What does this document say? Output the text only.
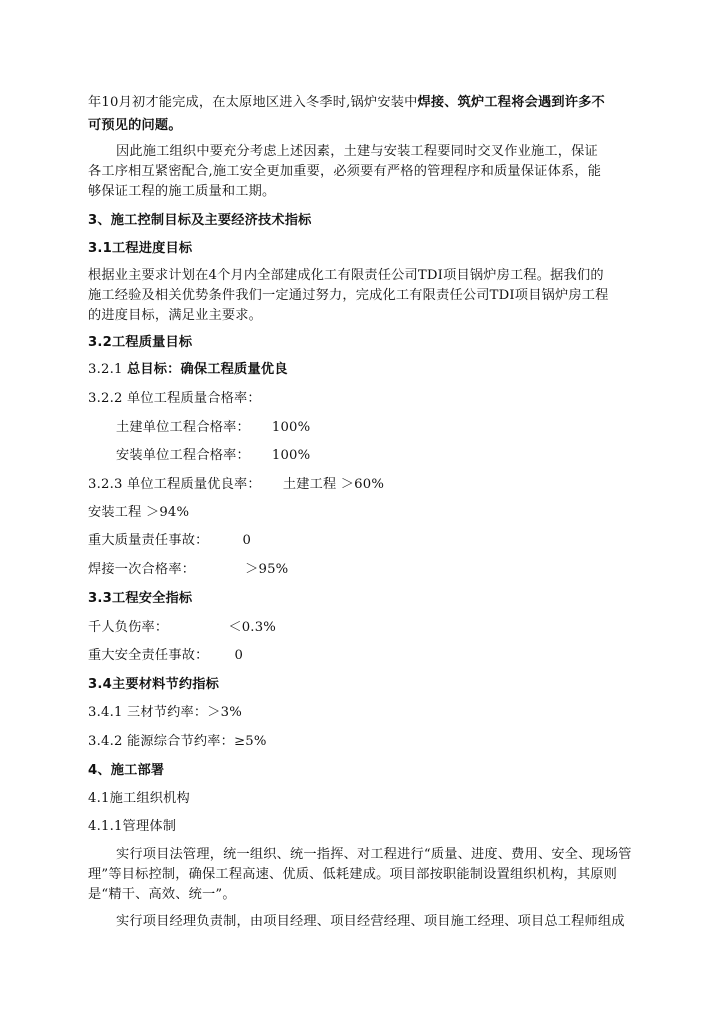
年10月初才能完成，在太原地区进入冬季时,锅炉安装中焊接、筑炉工程将会遇到许多不
可预见的问题。
因此施工组织中要充分考虑上述因素，土建与安装工程要同时交叉作业施工，保证
各工序相互紧密配合,施工安全更加重要，必须要有严格的管理程序和质量保证体系，能
够保证工程的施工质量和工期。
3、施工控制目标及主要经济技术指标
3.1工程进度目标
根据业主要求计划在4个月内全部建成化工有限责任公司TDI项目锅炉房工程。据我们的
施工经验及相关优势条件我们一定通过努力，完成化工有限责任公司TDI项目锅炉房工程
的进度目标，满足业主要求。
3.2工程质量目标
3.2.1 总目标：确保工程质量优良
3.2.2 单位工程质量合格率：
土建单位工程合格率： 100%
安装单位工程合格率： 100%
3.2.3 单位工程质量优良率： 土建工程 ＞60%
安装工程 ＞94%
重大质量责任事故：	0
焊接一次合格率：	＞95%
3.3工程安全指标
千人负伤率：	＜0.3%
重大安全责任事故： 0
3.4主要材料节约指标
3.4.1 三材节约率：＞3%
3.4.2 能源综合节约率：≥5%
4、施工部署
4.1施工组织机构
4.1.1管理体制
实行项目法管理，统一组织、统一指挥、对工程进行“质量、进度、费用、安全、现场管
理”等目标控制，确保工程高速、优质、低耗建成。项目部按职能制设置组织机构，其原则
是“精干、高效、统一”。
实行项目经理负责制，由项目经理、项目经营经理、项目施工经理、项目总工程师组成
